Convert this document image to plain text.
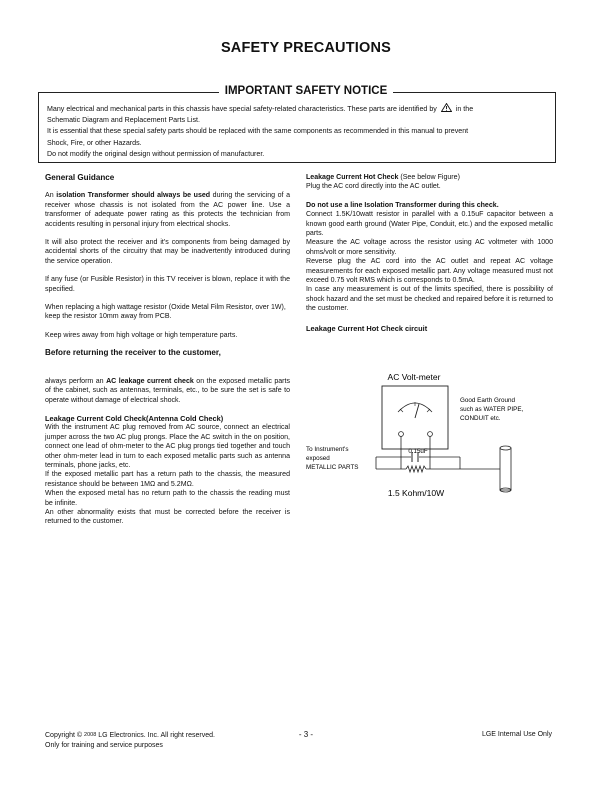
SAFETY PRECAUTIONS
IMPORTANT SAFETY NOTICE
Many electrical and mechanical parts in this chassis have special safety-related characteristics. These parts are identified by	in the
Schematic Diagram and Replacement Parts List.
It is essential that these special safety parts should be replaced with the same components as recommended in this manual to prevent
Shock, Fire, or other Hazards.
Do not modify the original design without permission of manufacturer.
General Guidance

An isolation Transformer should always be used during the servicing of a receiver whose chassis is not isolated from the AC power line. Use a transformer of adequate power rating as this protects the technician from accidents resulting in personal injury from electrical shocks.

It will also protect the receiver and it's components from being damaged by accidental shorts of the circuitry that may be inadvertently introduced during the service operation.

If any fuse (or Fusible Resistor) in this TV receiver is blown, replace it with the specified.

When replacing a high wattage resistor (Oxide Metal Film Resistor, over 1W), keep the resistor 10mm away from PCB.

Keep wires away from high voltage or high temperature parts.

Before returning the receiver to the customer,

always perform an AC leakage current check on the exposed metallic parts of the cabinet, such as antennas, terminals, etc., to be sure the set is safe to operate without damage of electrical shock.

Leakage Current Cold Check(Antenna Cold Check)

With the instrument AC plug removed from AC source, connect an electrical jumper across the two AC plug prongs. Place the AC switch in the on position, connect one lead of ohm-meter to the AC plug prongs tied together and touch other ohm-meter lead in turn to each exposed metallic parts such as antenna terminals, phone jacks, etc.

If the exposed metallic part has a return path to the chassis, the measured resistance should be between 1MΩ and 5.2MΩ.

When the exposed metal has no return path to the chassis the reading must be infinite.

An other abnormality exists that must be corrected before the receiver is returned to the customer.

Leakage Current Hot Check (See below Figure)

Plug the AC cord directly into the AC outlet.

Do not use a line Isolation Transformer during this check.

Connect 1.5K/10watt resistor in parallel with a 0.15uF capacitor between a known good earth ground (Water Pipe, Conduit, etc.) and the exposed metallic parts.

Measure the AC voltage across the resistor using AC voltmeter with 1000 ohms/volt or more sensitivity.

Reverse plug the AC cord into the AC outlet and repeat AC voltage measurements for each exposed metallic part. Any voltage measured must not exceed 0.75 volt RMS which is corresponds to 0.5mA.

In case any measurement is out of the limits specified, there is possibility of shock hazard and the set must be checked and repaired before it is returned to the customer.

Leakage Current Hot Check circuit
AC Volt-meter
0.15uF
1.5 Kohm/10W
To Instrument's
exposed
METALLIC PARTS
Good Earth Ground
such as WATER PIPE,
CONDUIT etc.
Copyright © 2008 LG Electronics. Inc. All right reserved.
Only for training and service purposes
- 3 -	LGE Internal Use Only
